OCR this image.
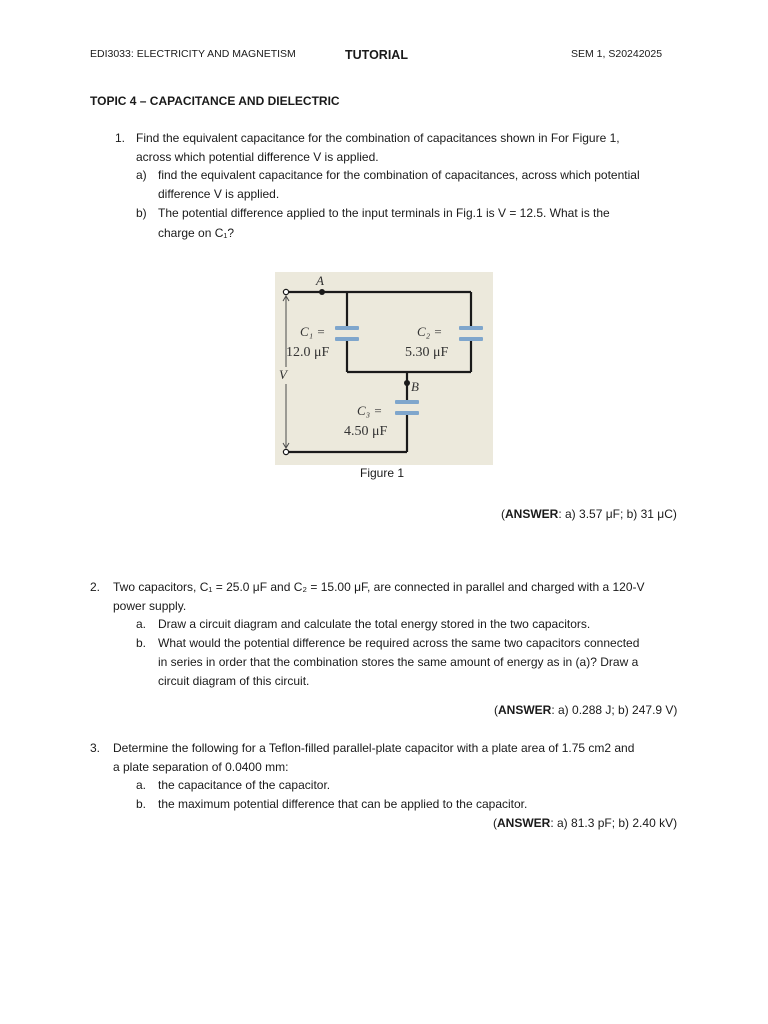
EDI3033: ELECTRICITY AND MAGNETISM	TUTORIAL	SEM 1, S20242025
TOPIC 4 – CAPACITANCE AND DIELECTRIC
1. Find the equivalent capacitance for the combination of capacitances shown in For Figure 1,
across which potential difference V is applied.
a) find the equivalent capacitance for the combination of capacitances, across which potential
difference V is applied.
b) The potential difference applied to the input terminals in Fig.1 is V = 12.5. What is the
charge on C₁?
A
B
V
C₁ =
12.0 μF
C₂ =
5.30 μF
C₃ =
4.50 μF
Figure 1
(ANSWER: a) 3.57 μF; b) 31 μC)
2. Two capacitors, C₁ = 25.0 μF and C₂ = 15.00 μF, are connected in parallel and charged with a 120-V
power supply.
a. Draw a circuit diagram and calculate the total energy stored in the two capacitors.
b. What would the potential difference be required across the same two capacitors connected
in series in order that the combination stores the same amount of energy as in (a)? Draw a
circuit diagram of this circuit.
(ANSWER: a) 0.288 J; b) 247.9 V)
3. Determine the following for a Teflon-filled parallel-plate capacitor with a plate area of 1.75 cm2 and
a plate separation of 0.0400 mm:
a. the capacitance of the capacitor.
b. the maximum potential difference that can be applied to the capacitor.
(ANSWER: a) 81.3 pF; b) 2.40 kV)
